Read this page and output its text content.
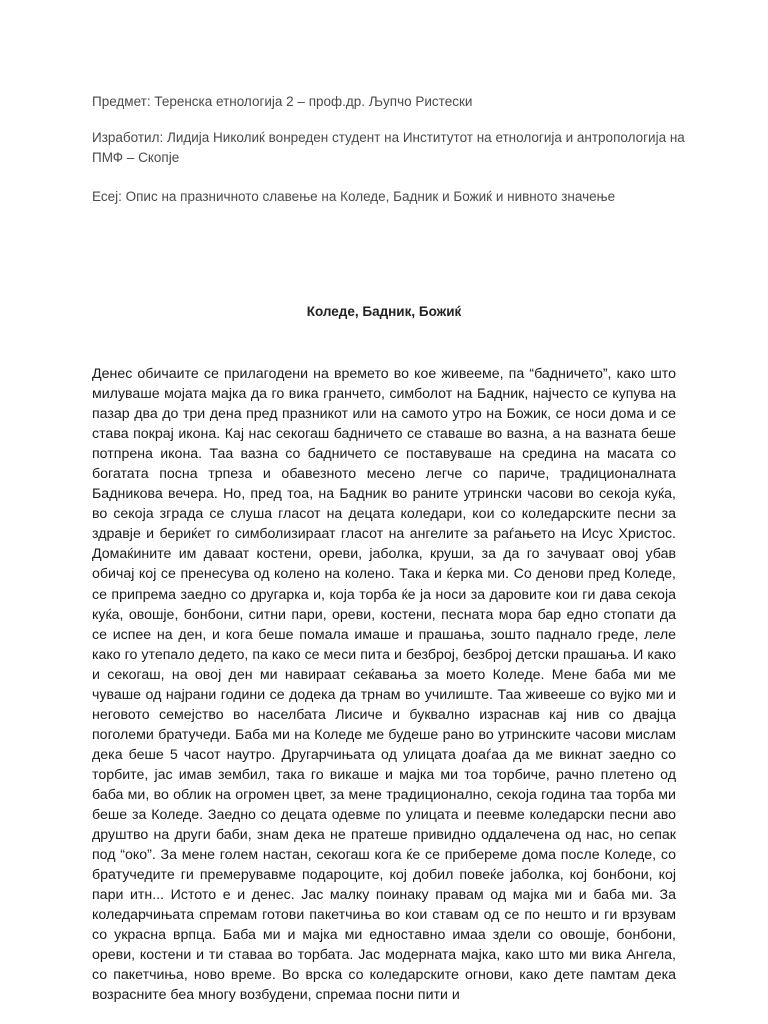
Предмет: Теренска етнологија 2 – проф.др. Љупчо Ристески
Изработил: Лидија Николиќ вонреден студент на Институтот на етнологија и антропологија на ПМФ – Скопје
Есеј: Опис на празничното славење на Коледе, Бадник и Божиќ и нивното значење
Коледе, Бадник, Божиќ

Денес обичаите се прилагодени на времето во кое живееме, па “бадничето”, како што милуваше мојата мајка да го вика гранчето, симболот на Бадник, најчесто се купува на пазар два до три дена пред празникот или на самото утро на Божик, се носи дома и се става покрај икона. Кај нас секогаш бадничето се ставаше во вазна, а на вазната беше потпрена икона. Таа вазна со бадничето се поставуваше на средина на масата со богатата посна трпеза и обавезното месено легче со париче, традиционалната Бадникова вечера. Но, пред тоа, на Бадник во раните утрински часови во секоја куќа, во секоја зграда се слуша гласот на децата коледари, кои со коледарските песни за здравје и бериќет го симболизираат гласот на ангелите за раѓањето на Исус Христос. Домаќините им даваат костени, ореви, јаболка, круши, за да го зачуваат овој убав обичај кој се пренесува од колено на колено. Така и ќерка ми. Со денови пред Коледе, се припрема заедно со другарка и, која торба ќе ја носи за даровите кои ги дава секоја куќа, овошје, бонбони, ситни пари, ореви, костени, песната мора бар едно стопати да се испее на ден, и кога беше помала имаше и прашања, зошто паднало греде, леле како го утепало дедето, па како се меси пита и безброј, безброј детски прашања. И како и секогаш, на овој ден ми навираат сеќавања за моето Коледе. Мене баба ми ме чуваше од најрани години се додека да трнам во училиште. Таа живееше со вујко ми и неговото семејство во населбата Лисиче и буквално израснав кај нив со двајца поголеми братучеди. Баба ми на Коледе ме будеше рано во утринските часови мислам дека беше 5 часот наутро. Другарчињата од улицата доаѓаа да ме викнат заедно со торбите, јас имав зембил, така го викаше и мајка ми тоа торбиче, рачно плетено од баба ми, во облик на огромен цвет, за мене традиционално, секоја година таа торба ми беше за Коледе. Заедно со децата одевме по улицата и пеевме коледарски песни аво друштво на други баби, знам дека не пратеше привидно оддалечена од нас, но сепак под “око”. За мене голем настан, секогаш кога ќе се прибереме дома после Коледе, со братучедите ги премерувавме подароците, кој добил повеќе јаболка, кој бонбони, кој пари итн... Истото е и денес. Јас малку поинаку правам од мајка ми и баба ми. За коледарчињата спремам готови пакетчиња во кои ставам од се по нешто и ги врзувам со украсна врпца. Баба ми и мајка ми едноставно имаа здели со овошје, бонбони, ореви, костени и ти ставаа во торбата. Јас модерната мајка, како што ми вика Ангела, со пакетчиња, ново време. Во врска со коледарските огнови, како дете памтам дека возрасните беа многу возбудени, спремаа посни пити и
